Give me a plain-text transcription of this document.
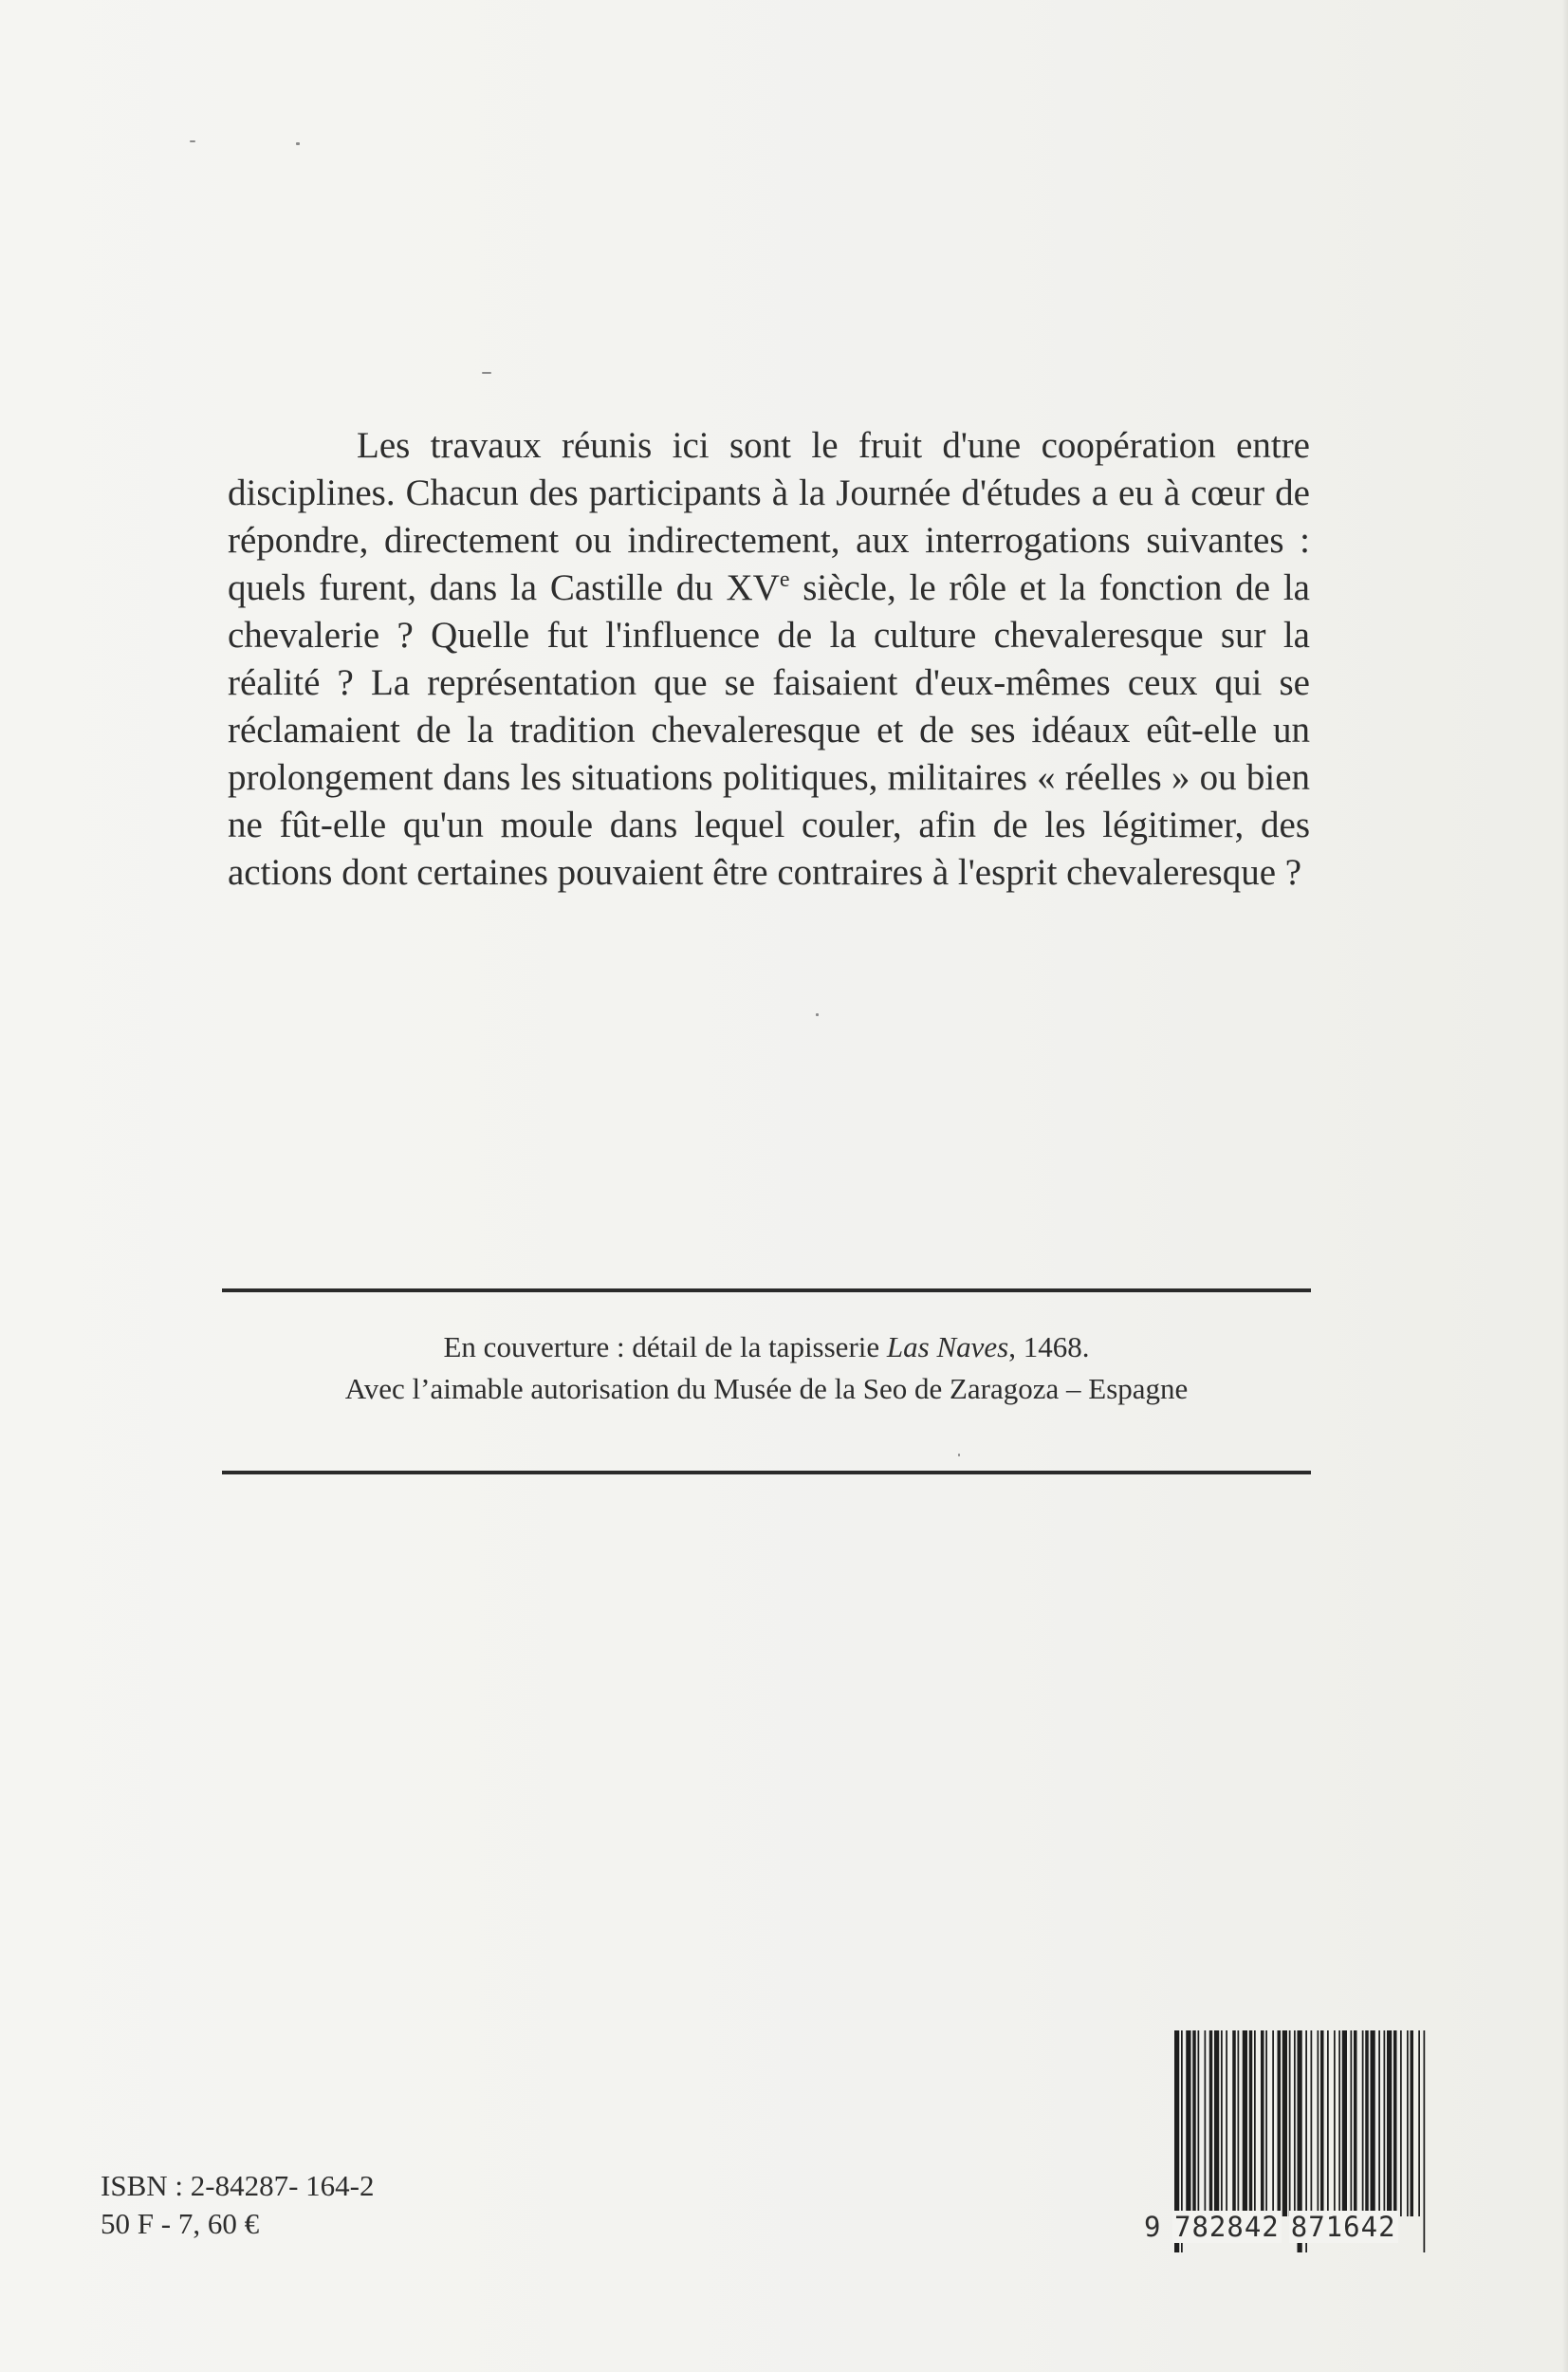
Les travaux réunis ici sont le fruit d'une coopération entre disciplines. Chacun des participants à la Journée d'études a eu à cœur de répondre, directement ou indirectement, aux interrogations suivantes : quels furent, dans la Castille du XVe siècle, le rôle et la fonction de la chevalerie ? Quelle fut l'influence de la culture chevaleresque sur la réalité ? La représentation que se faisaient d'eux-mêmes ceux qui se réclamaient de la tradition chevaleresque et de ses idéaux eût-elle un prolongement dans les situations politiques, militaires « réelles » ou bien ne fût-elle qu'un moule dans lequel couler, afin de les légitimer, des actions dont certaines pouvaient être contraires à l'esprit chevaleresque ?

En couverture : détail de la tapisserie Las Naves, 1468.
Avec l’aimable autorisation du Musée de la Seo de Zaragoza – Espagne
ISBN : 2-84287- 164-2
50 F - 7, 60 €	9 782842 871642
